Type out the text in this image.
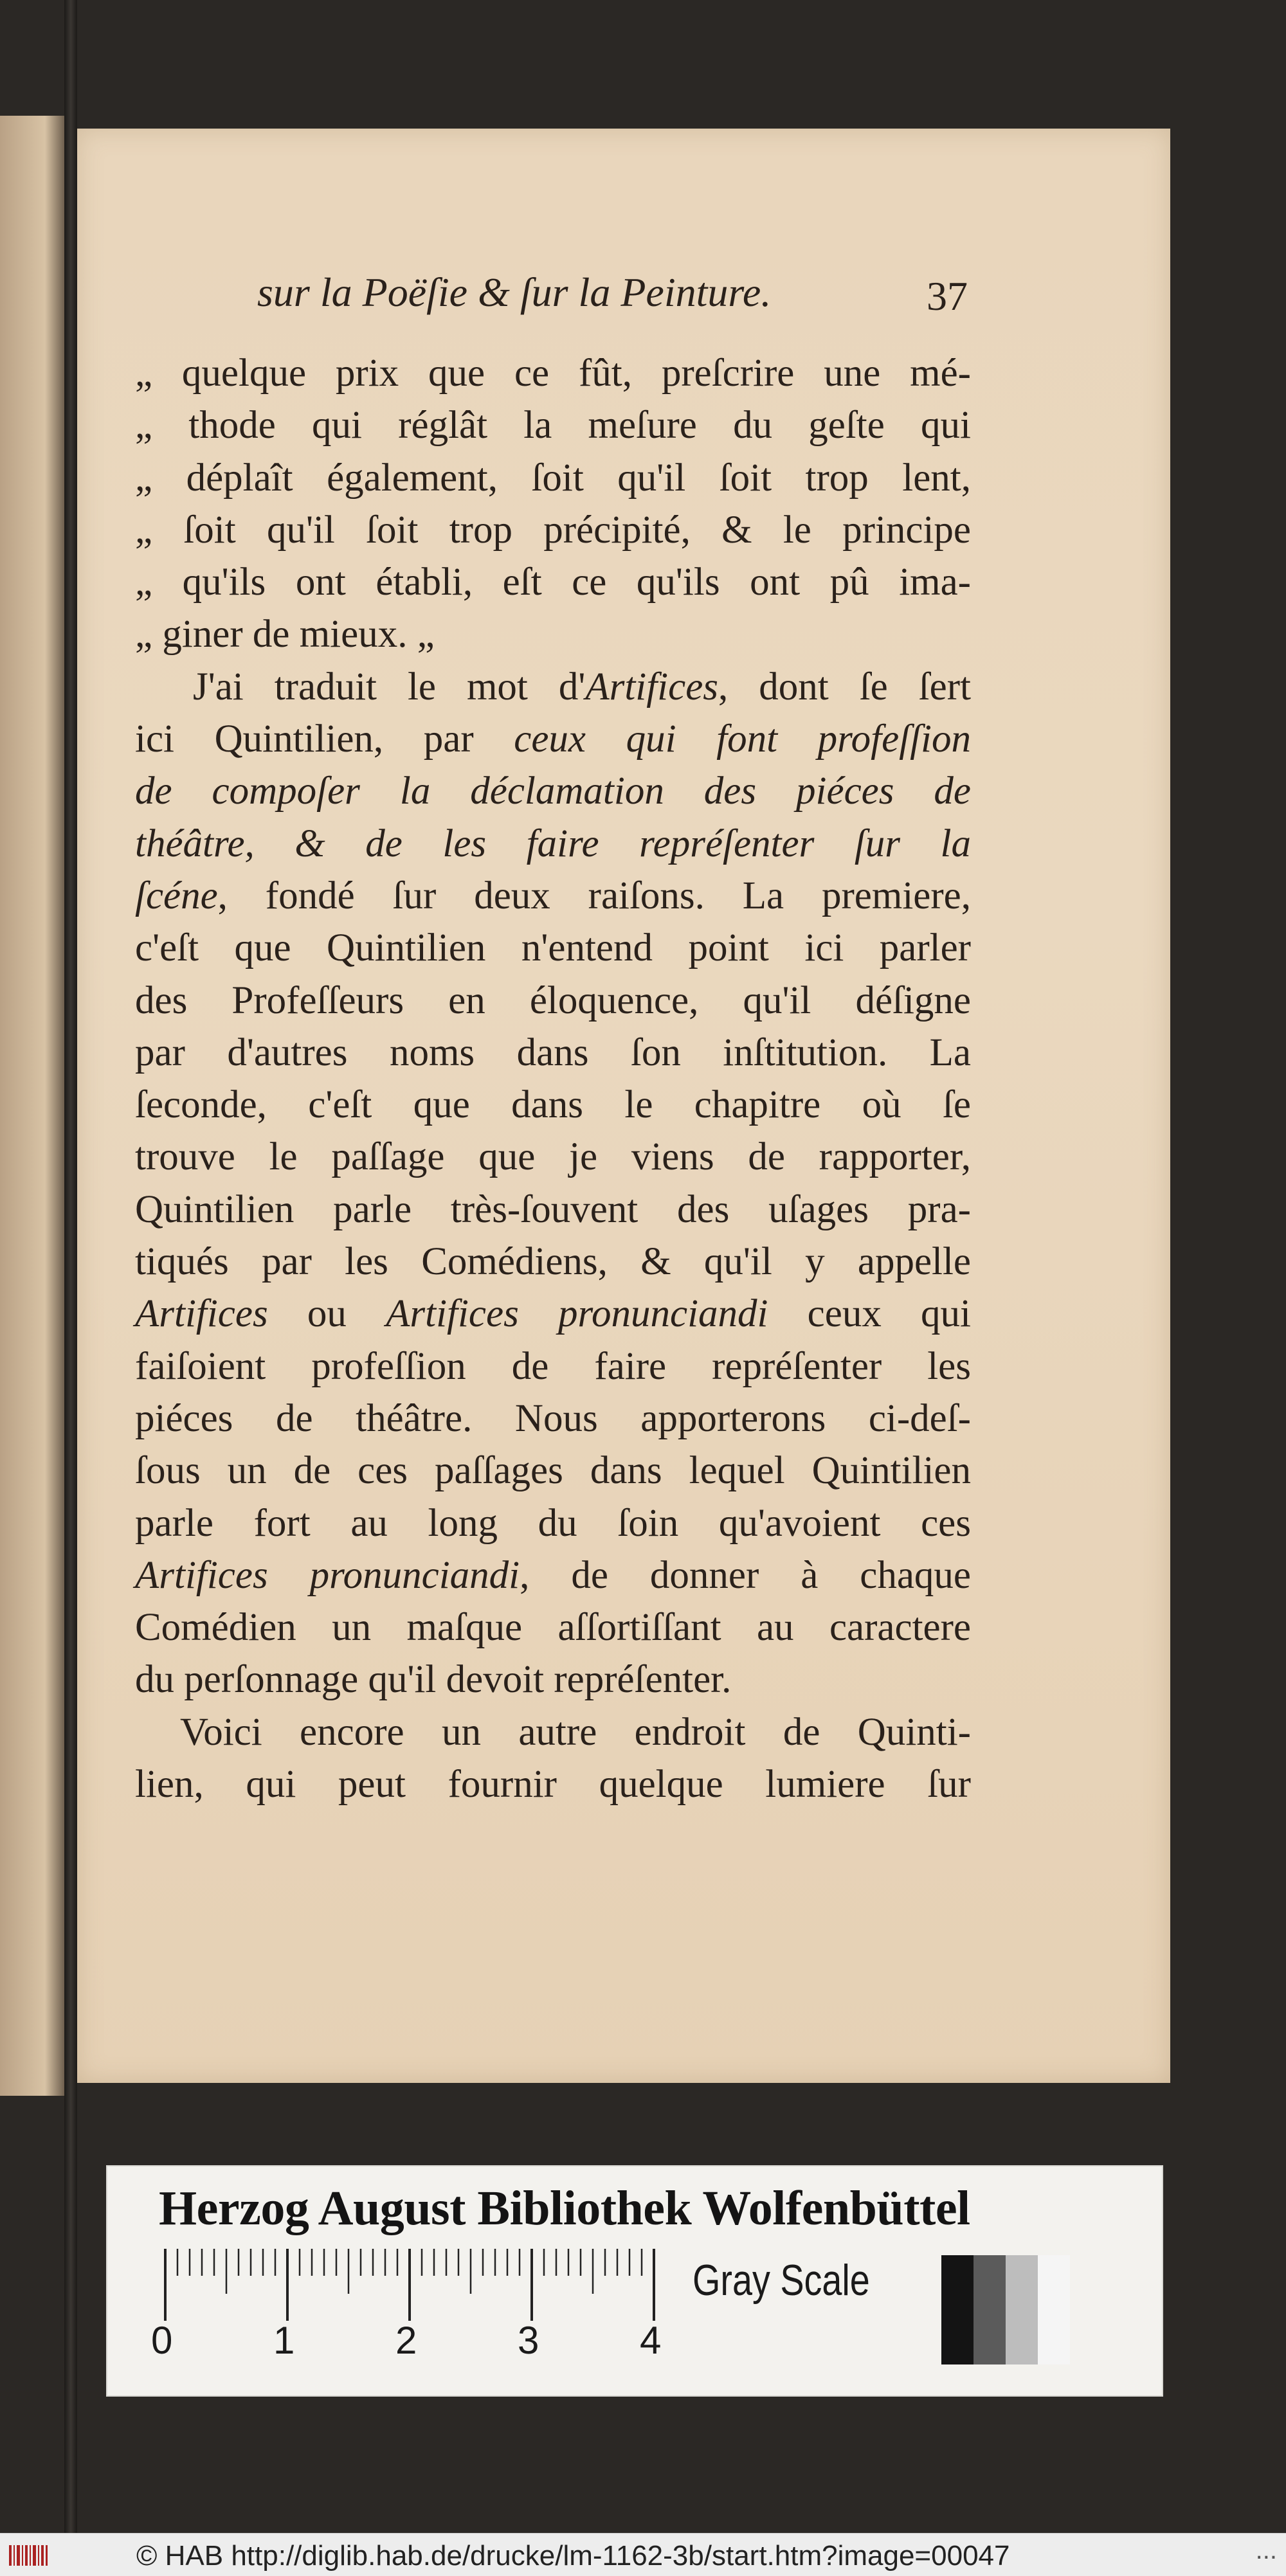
sur la Poëſie & ſur la Peinture.	37
„ quelque prix que ce fût, preſcrire une mé-
„ thode qui réglât la meſure du geſte qui
„ déplaît également, ſoit qu'il ſoit trop lent,
„ ſoit qu'il ſoit trop précipité, & le principe
„ qu'ils ont établi, eſt ce qu'ils ont pû ima-
„ giner de mieux. „
J'ai traduit le mot d'Artifices, dont ſe ſert
ici Quintilien, par ceux qui font profeſſion
de compoſer la déclamation des piéces de
théâtre, & de les faire repréſenter ſur la
ſcéne, fondé ſur deux raiſons. La premiere,
c'eſt que Quintilien n'entend point ici parler
des Profeſſeurs en éloquence, qu'il déſigne
par d'autres noms dans ſon inſtitution. La
ſeconde, c'eſt que dans le chapitre où ſe
trouve le paſſage que je viens de rapporter,
Quintilien parle très-ſouvent des uſages pra-
tiqués par les Comédiens, & qu'il y appelle
Artifices ou Artifices pronunciandi ceux qui
faiſoient profeſſion de faire repréſenter les
piéces de théâtre. Nous apporterons ci-deſ-
ſous un de ces paſſages dans lequel Quintilien
parle fort au long du ſoin qu'avoient ces
Artifices pronunciandi, de donner à chaque
Comédien un maſque aſſortiſſant au caractere
du perſonnage qu'il devoit repréſenter.
Voici encore un autre endroit de Quinti-
lien, qui peut fournir quelque lumiere ſur
Herzog August Bibliothek Wolfenbüttel
0	1	2	3	4
Gray Scale
© HAB http://diglib.hab.de/drucke/lm-1162-3b/start.htm?image=00047	...
